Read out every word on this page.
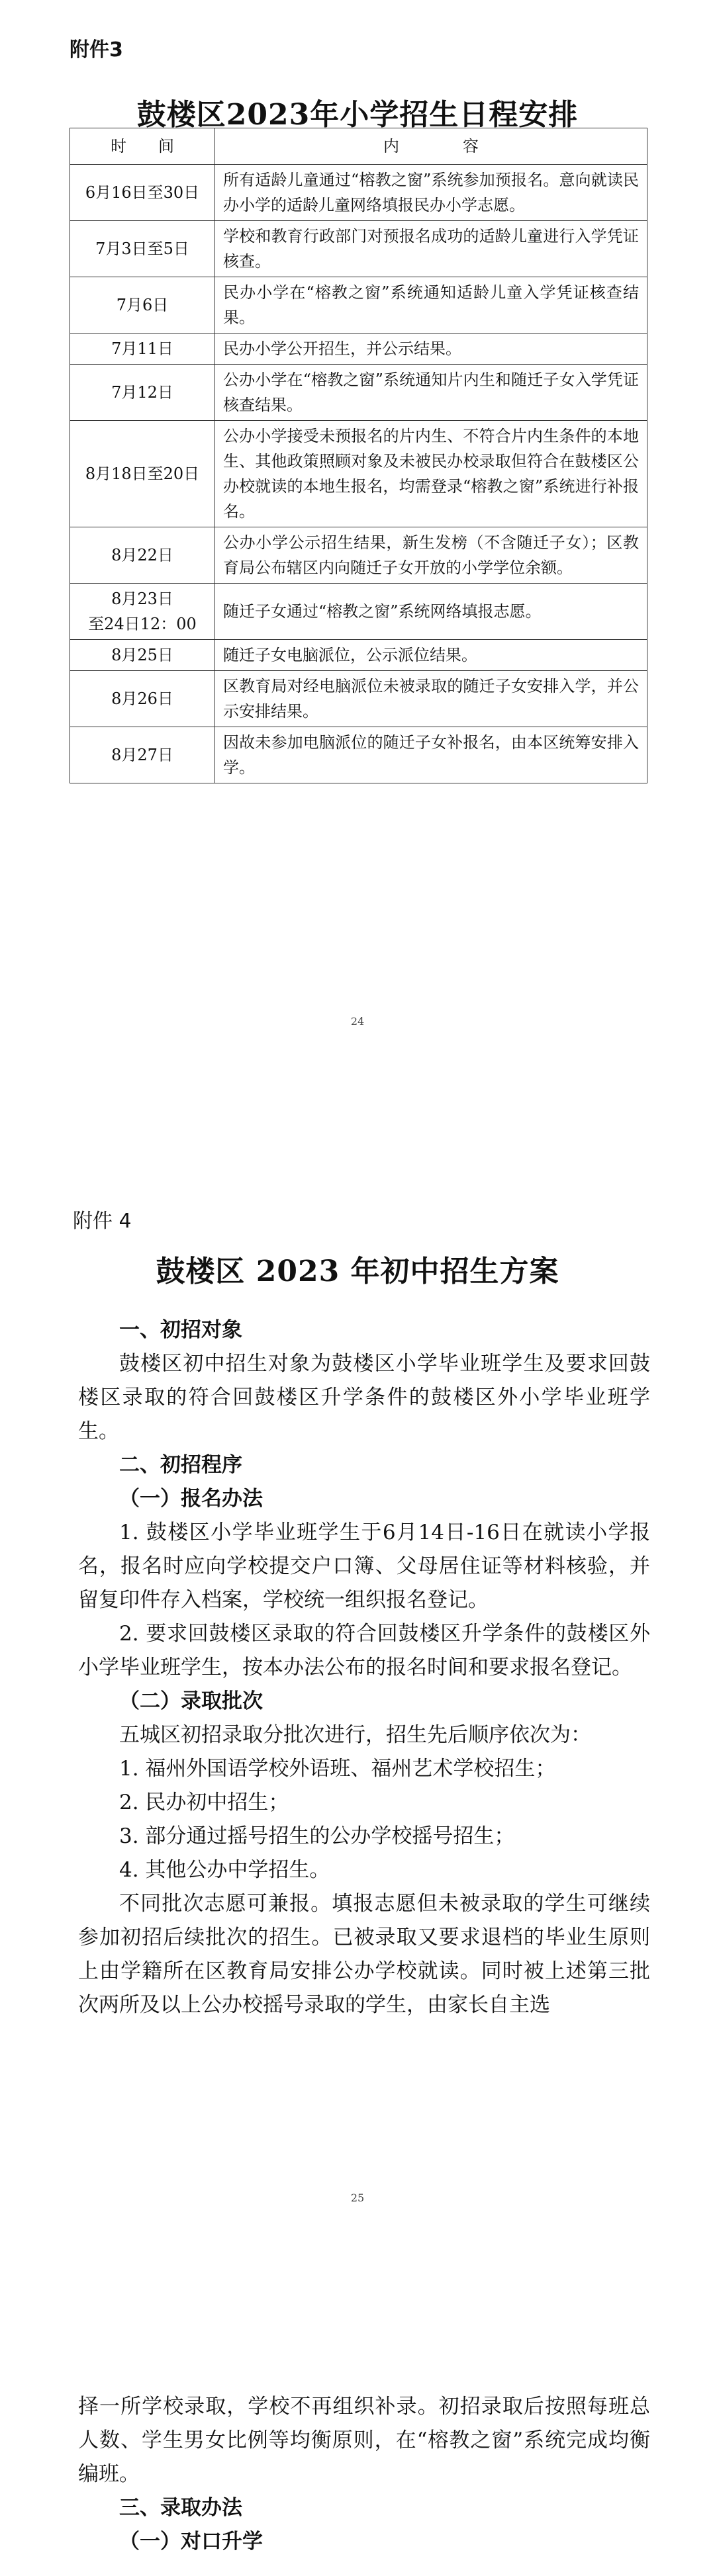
附件3
鼓楼区2023年小学招生日程安排
时　　间	内　　　　容
6月16日至30日	所有适龄儿童通过“榕教之窗”系统参加预报名。意向就读民办小学的适龄儿童网络填报民办小学志愿。
7月3日至5日	学校和教育行政部门对预报名成功的适龄儿童进行入学凭证核查。
7月6日	民办小学在“榕教之窗”系统通知适龄儿童入学凭证核查结果。
7月11日	民办小学公开招生，并公示结果。
7月12日	公办小学在“榕教之窗”系统通知片内生和随迁子女入学凭证核查结果。
8月18日至20日	公办小学接受未预报名的片内生、不符合片内生条件的本地生、其他政策照顾对象及未被民办校录取但符合在鼓楼区公办校就读的本地生报名，均需登录“榕教之窗”系统进行补报名。
8月22日	公办小学公示招生结果，新生发榜（不含随迁子女）；区教育局公布辖区内向随迁子女开放的小学学位余额。
8月23日
至24日12：00	随迁子女通过“榕教之窗”系统网络填报志愿。
8月25日	随迁子女电脑派位，公示派位结果。
8月26日	区教育局对经电脑派位未被录取的随迁子女安排入学，并公示安排结果。
8月27日	因故未参加电脑派位的随迁子女补报名，由本区统筹安排入学。
24
附件 4
鼓楼区 2023 年初中招生方案

一、初招对象

鼓楼区初中招生对象为鼓楼区小学毕业班学生及要求回鼓楼区录取的符合回鼓楼区升学条件的鼓楼区外小学毕业班学生。

二、初招程序

（一）报名办法

1. 鼓楼区小学毕业班学生于6月14日-16日在就读小学报名，报名时应向学校提交户口簿、父母居住证等材料核验，并留复印件存入档案，学校统一组织报名登记。

2. 要求回鼓楼区录取的符合回鼓楼区升学条件的鼓楼区外小学毕业班学生，按本办法公布的报名时间和要求报名登记。

（二）录取批次

五城区初招录取分批次进行，招生先后顺序依次为：

1. 福州外国语学校外语班、福州艺术学校招生；

2. 民办初中招生；

3. 部分通过摇号招生的公办学校摇号招生；

4. 其他公办中学招生。

不同批次志愿可兼报。填报志愿但未被录取的学生可继续参加初招后续批次的招生。已被录取又要求退档的毕业生原则上由学籍所在区教育局安排公办学校就读。同时被上述第三批次两所及以上公办校摇号录取的学生，由家长自主选

25

择一所学校录取，学校不再组织补录。初招录取后按照每班总人数、学生男女比例等均衡原则，在“榕教之窗”系统完成均衡编班。

三、录取办法

（一）对口升学
